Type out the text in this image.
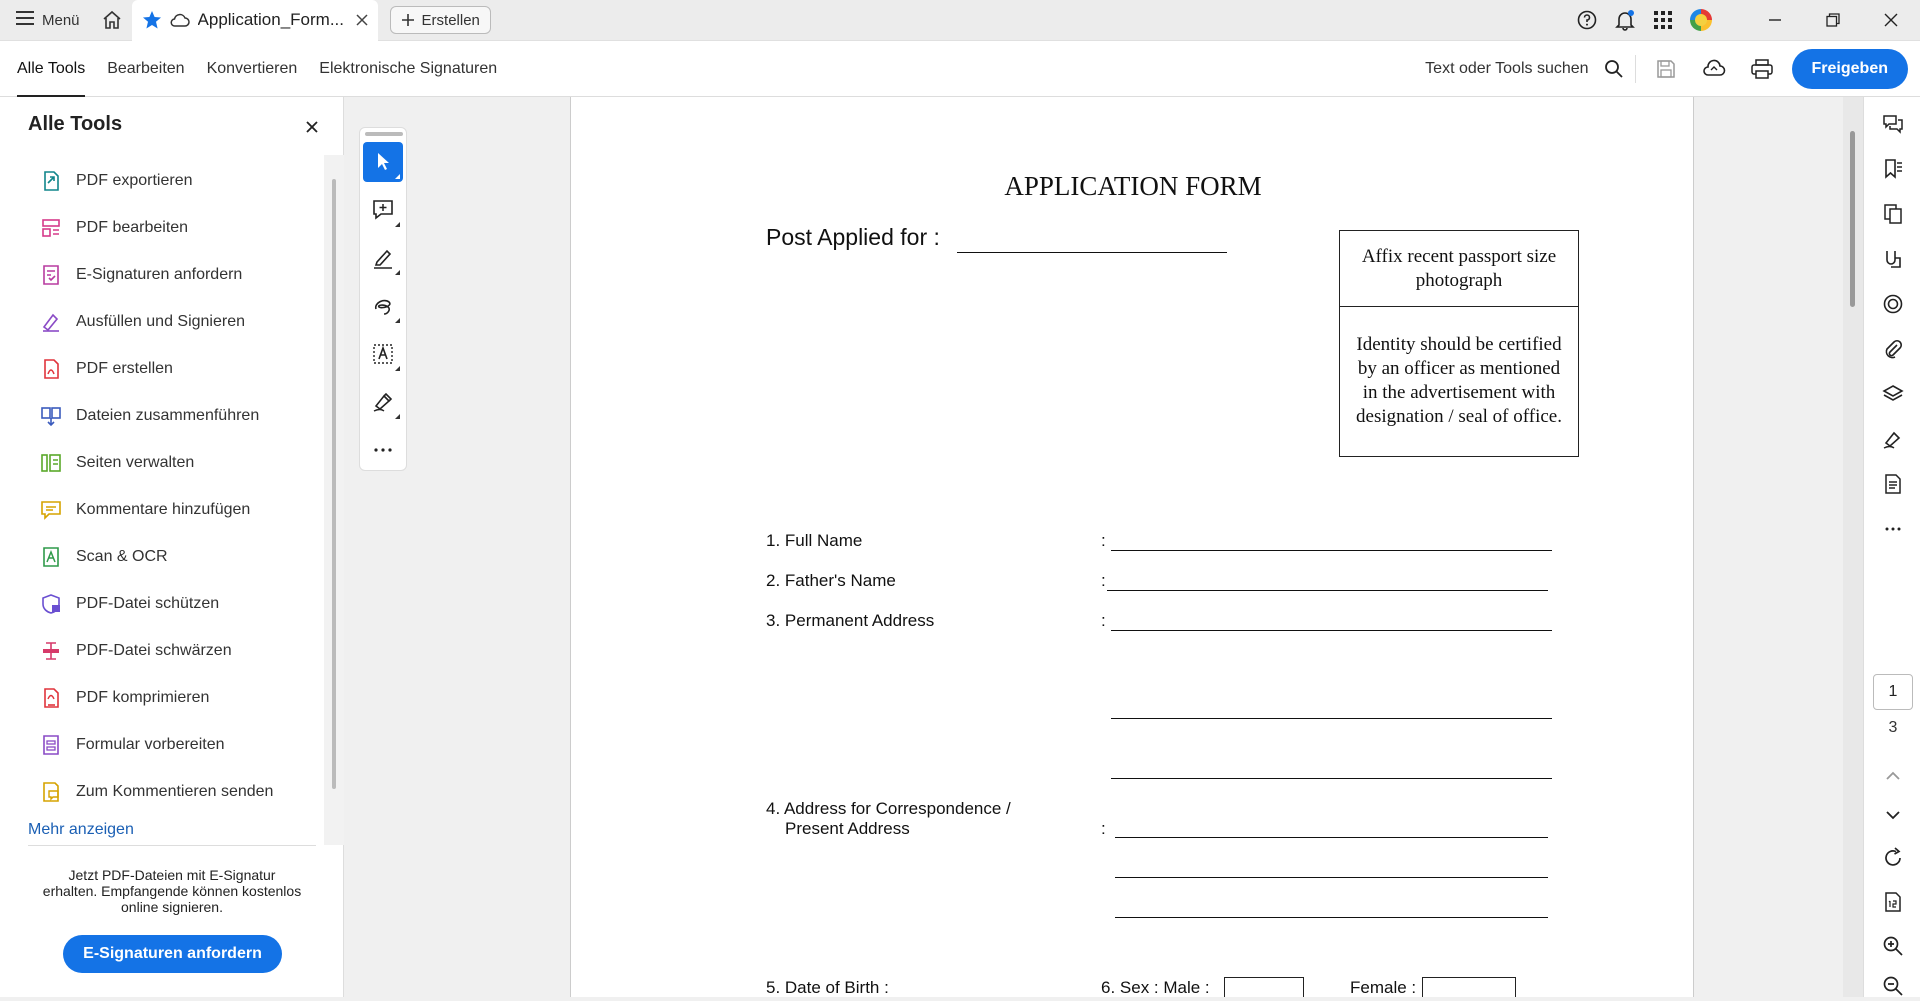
Menü	Application_Form...	Erstellen
Alle Tools	Bearbeiten	Konvertieren	Elektronische Signaturen	Text oder Tools suchen	Freigeben
Alle Tools
PDF exportieren
PDF bearbeiten
E-Signaturen anfordern
Ausfüllen und Signieren
PDF erstellen
Dateien zusammenführen
Seiten verwalten
Kommentare hinzufügen
Scan & OCR
PDF-Datei schützen
PDF-Datei schwärzen
PDF komprimieren
Formular vorbereiten
Zum Kommentieren senden
Mehr anzeigen
Jetzt PDF-Dateien mit E-Signatur erhalten. Empfangende können kostenlos online signieren.
E-Signaturen anfordern
APPLICATION FORM
Post Applied for :
Affix recent passport size photograph
Identity should be certified by an officer as mentioned in the advertisement with designation / seal of office.
1. Full Name	:
2. Father's Name	:
3. Permanent Address	:
4. Address for Correspondence /
Present Address	:
5. Date of Birth :	6. Sex : Male :	Female :
1
3
